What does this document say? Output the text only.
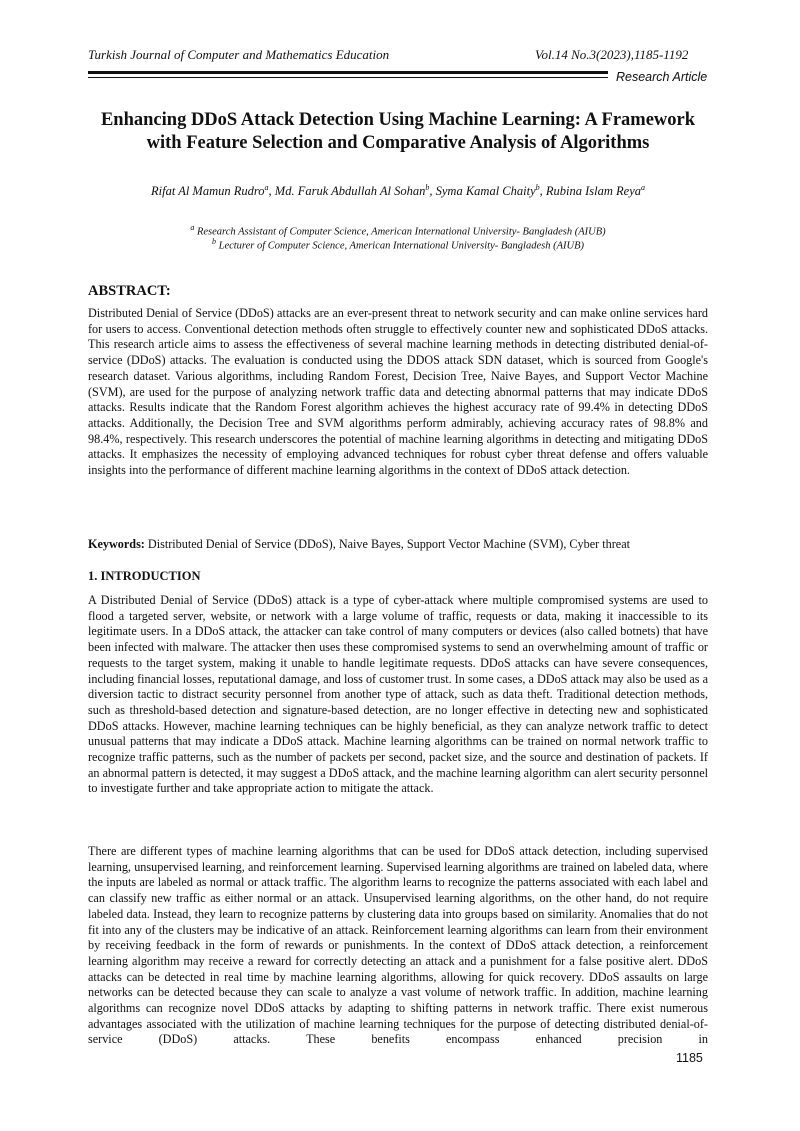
Turkish Journal of Computer and Mathematics Education	Vol.14 No.3(2023),1185-1192
Research Article
Enhancing DDoS Attack Detection Using Machine Learning: A Framework with Feature Selection and Comparative Analysis of Algorithms
Rifat Al Mamun Rudro$^a$, Md. Faruk Abdullah Al Sohan$^b$, Syma Kamal Chaity$^b$, Rubina Islam Reya$^a$
$^a$ Research Assistant of Computer Science, American International University- Bangladesh (AIUB)
$^b$ Lecturer of Computer Science, American International University- Bangladesh (AIUB)
ABSTRACT:

Distributed Denial of Service (DDoS) attacks are an ever-present threat to network security and can make online services hard for users to access. Conventional detection methods often struggle to effectively counter new and sophisticated DDoS attacks. This research article aims to assess the effectiveness of several machine learning methods in detecting distributed denial-of-service (DDoS) attacks. The evaluation is conducted using the DDOS attack SDN dataset, which is sourced from Google's research dataset. Various algorithms, including Random Forest, Decision Tree, Naive Bayes, and Support Vector Machine (SVM), are used for the purpose of analyzing network traffic data and detecting abnormal patterns that may indicate DDoS attacks. Results indicate that the Random Forest algorithm achieves the highest accuracy rate of 99.4% in detecting DDoS attacks. Additionally, the Decision Tree and SVM algorithms perform admirably, achieving accuracy rates of 98.8% and 98.4%, respectively. This research underscores the potential of machine learning algorithms in detecting and mitigating DDoS attacks. It emphasizes the necessity of employing advanced techniques for robust cyber threat defense and offers valuable insights into the performance of different machine learning algorithms in the context of DDoS attack detection.

Keywords: Distributed Denial of Service (DDoS), Naive Bayes, Support Vector Machine (SVM), Cyber threat
1. INTRODUCTION

A Distributed Denial of Service (DDoS) attack is a type of cyber-attack where multiple compromised systems are used to flood a targeted server, website, or network with a large volume of traffic, requests or data, making it inaccessible to its legitimate users. In a DDoS attack, the attacker can take control of many computers or devices (also called botnets) that have been infected with malware. The attacker then uses these compromised systems to send an overwhelming amount of traffic or requests to the target system, making it unable to handle legitimate requests. DDoS attacks can have severe consequences, including financial losses, reputational damage, and loss of customer trust. In some cases, a DDoS attack may also be used as a diversion tactic to distract security personnel from another type of attack, such as data theft. Traditional detection methods, such as threshold-based detection and signature-based detection, are no longer effective in detecting new and sophisticated DDoS attacks. However, machine learning techniques can be highly beneficial, as they can analyze network traffic to detect unusual patterns that may indicate a DDoS attack. Machine learning algorithms can be trained on normal network traffic to recognize traffic patterns, such as the number of packets per second, packet size, and the source and destination of packets. If an abnormal pattern is detected, it may suggest a DDoS attack, and the machine learning algorithm can alert security personnel to investigate further and take appropriate action to mitigate the attack.

There are different types of machine learning algorithms that can be used for DDoS attack detection, including supervised learning, unsupervised learning, and reinforcement learning. Supervised learning algorithms are trained on labeled data, where the inputs are labeled as normal or attack traffic. The algorithm learns to recognize the patterns associated with each label and can classify new traffic as either normal or an attack. Unsupervised learning algorithms, on the other hand, do not require labeled data. Instead, they learn to recognize patterns by clustering data into groups based on similarity. Anomalies that do not fit into any of the clusters may be indicative of an attack. Reinforcement learning algorithms can learn from their environment by receiving feedback in the form of rewards or punishments. In the context of DDoS attack detection, a reinforcement learning algorithm may receive a reward for correctly detecting an attack and a punishment for a false positive alert. DDoS attacks can be detected in real time by machine learning algorithms, allowing for quick recovery. DDoS assaults on large networks can be detected because they can scale to analyze a vast volume of network traffic. In addition, machine learning algorithms can recognize novel DDoS attacks by adapting to shifting patterns in network traffic. There exist numerous advantages associated with the utilization of machine learning techniques for the purpose of detecting distributed denial-of-service (DDoS) attacks. These benefits encompass enhanced precision in

1185
